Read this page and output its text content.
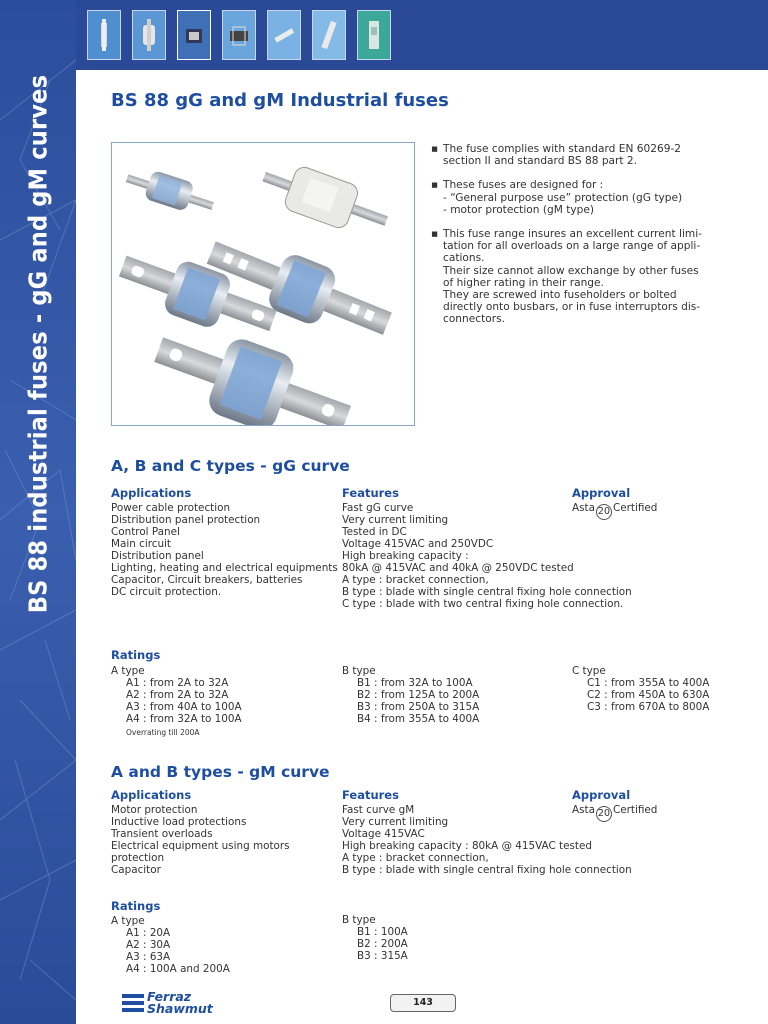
BS 88 industrial fuses - gG and gM curves	BS 88 gG and gM Industrial fuses
▪ The fuse complies with standard EN 60269-2
section II and standard BS 88 part 2.
▪ These fuses are designed for :
- “General purpose use” protection (gG type)
- motor protection (gM type)
▪ This fuse range insures an excellent current limi-
tation for all overloads on a large range of appli-
cations.
Their size cannot allow exchange by other fuses
of higher rating in their range.
They are screwed into fuseholders or bolted
directly onto busbars, or in fuse interruptors dis-
connectors.
A, B and C types - gG curve
Applications
Power cable protection
Distribution panel protection
Control Panel
Main circuit
Distribution panel
Lighting, heating and electrical equipments
Capacitor, Circuit breakers, batteries
DC circuit protection.
Features
Fast gG curve
Very current limiting
Tested in DC
Voltage 415VAC and 250VDC
High breaking capacity :
80kA @ 415VAC and 40kA @ 250VDC tested
A type : bracket connection,
B type : blade with single central fixing hole connection
C type : blade with two central fixing hole connection.
Approval
Asta 20 Certified
Ratings
A type
A1 : from 2A to 32A
A2 : from 2A to 32A
A3 : from 40A to 100A
A4 : from 32A to 100A
Overrating till 200A
B type
B1 : from 32A to 100A
B2 : from 125A to 200A
B3 : from 250A to 315A
B4 : from 355A to 400A
C type
C1 : from 355A to 400A
C2 : from 450A to 630A
C3 : from 670A to 800A
A and B types - gM curve
Applications
Motor protection
Inductive load protections
Transient overloads
Electrical equipment using motors protection
Capacitor
Features
Fast curve gM
Very current limiting
Voltage 415VAC
High breaking capacity : 80kA @ 415VAC tested
A type : bracket connection,
B type : blade with single central fixing hole connection
Approval
Asta 20 Certified
Ratings
A type
A1 : 20A
A2 : 30A
A3 : 63A
A4 : 100A and 200A
B type
B1 : 100A
B2 : 200A
B3 : 315A
Ferraz
Shawmut	143
